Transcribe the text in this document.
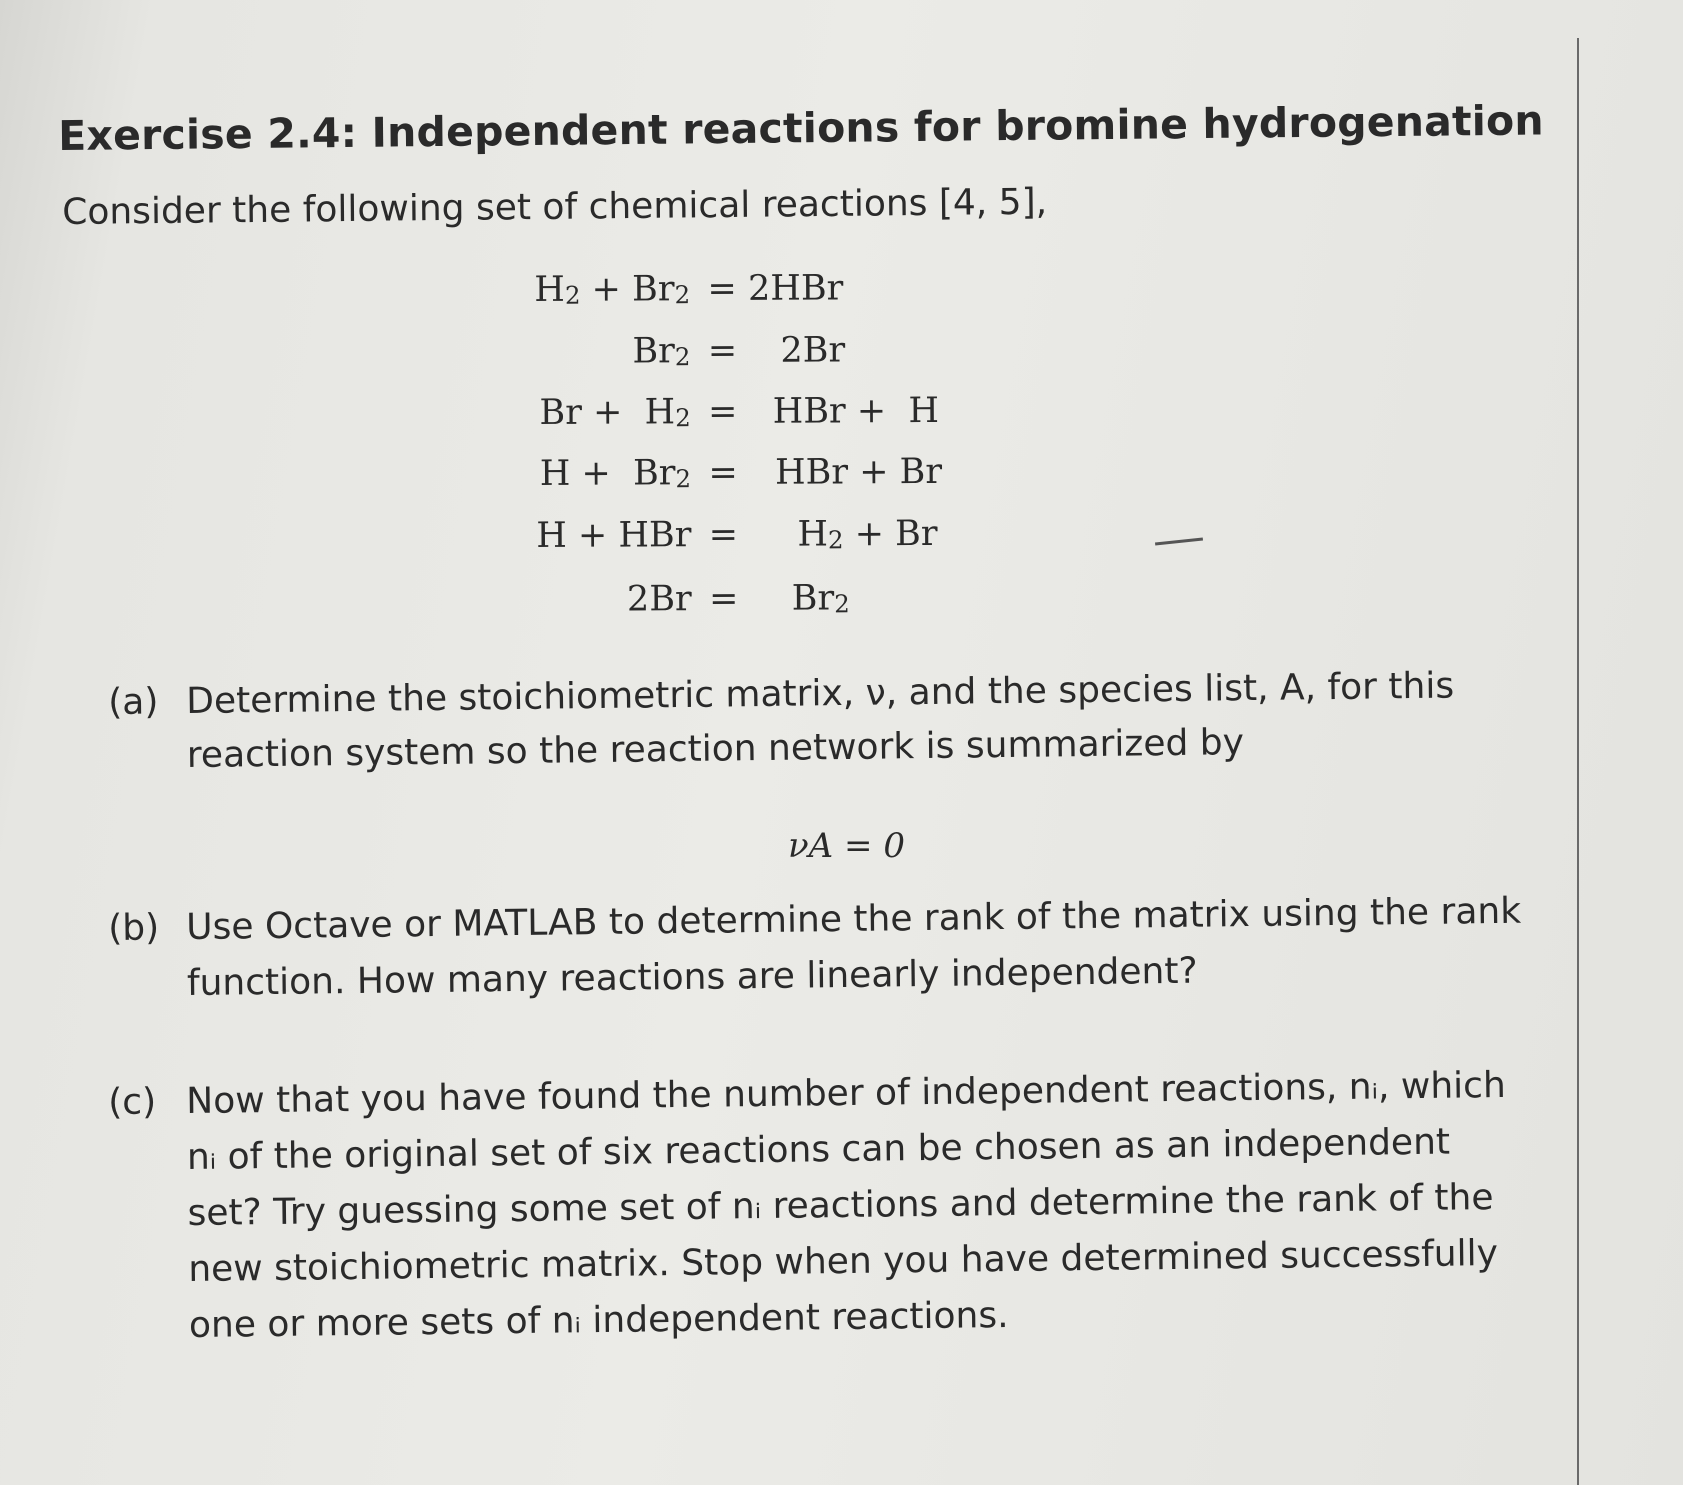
Exercise 2.4: Independent reactions for bromine hydrogenation
Consider the following set of chemical reactions [4, 5],
$H_2 + Br_2 = 2HBr$
$Br_2$ =	2Br
$Br + H_2$ =	HBr +  H
$H + Br_2$ =	HBr + Br
H + HBr =	$H_2 + Br$
2Br =	$Br_2$
(a) Determine the stoichiometric matrix, ν, and the species list, A, for this
reaction system so the reaction network is summarized by
νA = 0
(b) Use Octave or MATLAB to determine the rank of the matrix using the rank
function. How many reactions are linearly independent?
(c) Now that you have found the number of independent reactions, nᵢ, which
nᵢ of the original set of six reactions can be chosen as an independent
set? Try guessing some set of nᵢ reactions and determine the rank of the
new stoichiometric matrix. Stop when you have determined successfully
one or more sets of nᵢ independent reactions.
